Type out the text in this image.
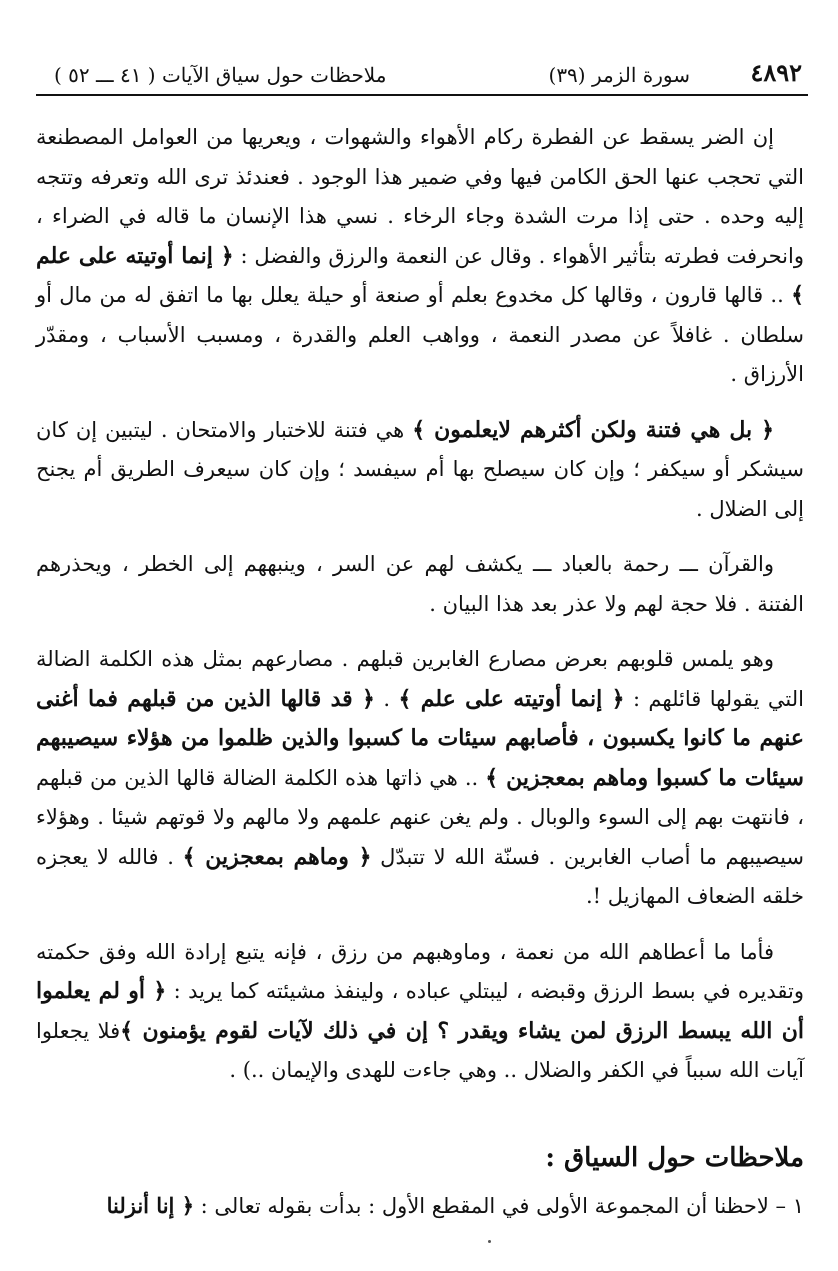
٤٨٩٢
(٣٩) سورة الزمر
ملاحظات حول سياق الآيات ( ٤١ ـــ ٥٢ )

إن الضر يسقط عن الفطرة ركام الأهواء والشهوات ، ويعريها من العوامل المصطنعة التي تحجب عنها الحق الكامن فيها وفي ضمير هذا الوجود . فعندئذ ترى الله وتعرفه وتتجه إليه وحده . حتى إذا مرت الشدة وجاء الرخاء . نسي هذا الإنسان ما قاله في الضراء ، وانحرفت فطرته بتأثير الأهواء . وقال عن النعمة والرزق والفضل : ﴿ إنما أوتيته على علم ﴾ .. قالها قارون ، وقالها كل مخدوع بعلم أو صنعة أو حيلة يعلل بها ما اتفق له من مال أو سلطان . غافلاً عن مصدر النعمة ، وواهب العلم والقدرة ، ومسبب الأسباب ، ومقدّر الأرزاق .

﴿ بل هي فتنة ولكن أكثرهم لايعلمون ﴾ هي فتنة للاختبار والامتحان . ليتبين إن كان سيشكر أو سيكفر ؛ وإن كان سيصلح بها أم سيفسد ؛ وإن كان سيعرف الطريق أم يجنح إلى الضلال .

والقرآن ـــ رحمة بالعباد ـــ يكشف لهم عن السر ، وينبههم إلى الخطر ، ويحذرهم الفتنة . فلا حجة لهم ولا عذر بعد هذا البيان .

وهو يلمس قلوبهم بعرض مصارع الغابرين قبلهم . مصارعهم بمثل هذه الكلمة الضالة التي يقولها قائلهم : ﴿ إنما أوتيته على علم ﴾ . ﴿ قد قالها الذين من قبلهم فما أغنى عنهم ما كانوا يكسبون ، فأصابهم سيئات ما كسبوا والذين ظلموا من هؤلاء سيصيبهم سيئات ما كسبوا وماهم بمعجزين ﴾ .. هي ذاتها هذه الكلمة الضالة قالها الذين من قبلهم ، فانتهت بهم إلى السوء والوبال . ولم يغن عنهم علمهم ولا مالهم ولا قوتهم شيئا . وهؤلاء سيصيبهم ما أصاب الغابرين . فسنّة الله لا تتبدّل ﴿ وماهم بمعجزين ﴾ . فالله لا يعجزه خلقه الضعاف المهازيل !.

فأما ما أعطاهم الله من نعمة ، وماوهبهم من رزق ، فإنه يتبع إرادة الله وفق حكمته وتقديره في بسط الرزق وقبضه ، ليبتلي عباده ، ولينفذ مشيئته كما يريد : ﴿ أو لم يعلموا أن الله يبسط الرزق لمن يشاء ويقدر ؟ إن في ذلك لآيات لقوم يؤمنون ﴾فلا يجعلوا آيات الله سبباً في الكفر والضلال .. وهي جاءت للهدى والإيمان ..) .

ملاحظات حول السياق :

١ – لاحظنا أن المجموعة الأولى في المقطع الأول : بدأت بقوله تعالى : ﴿ إنا أنزلنا
